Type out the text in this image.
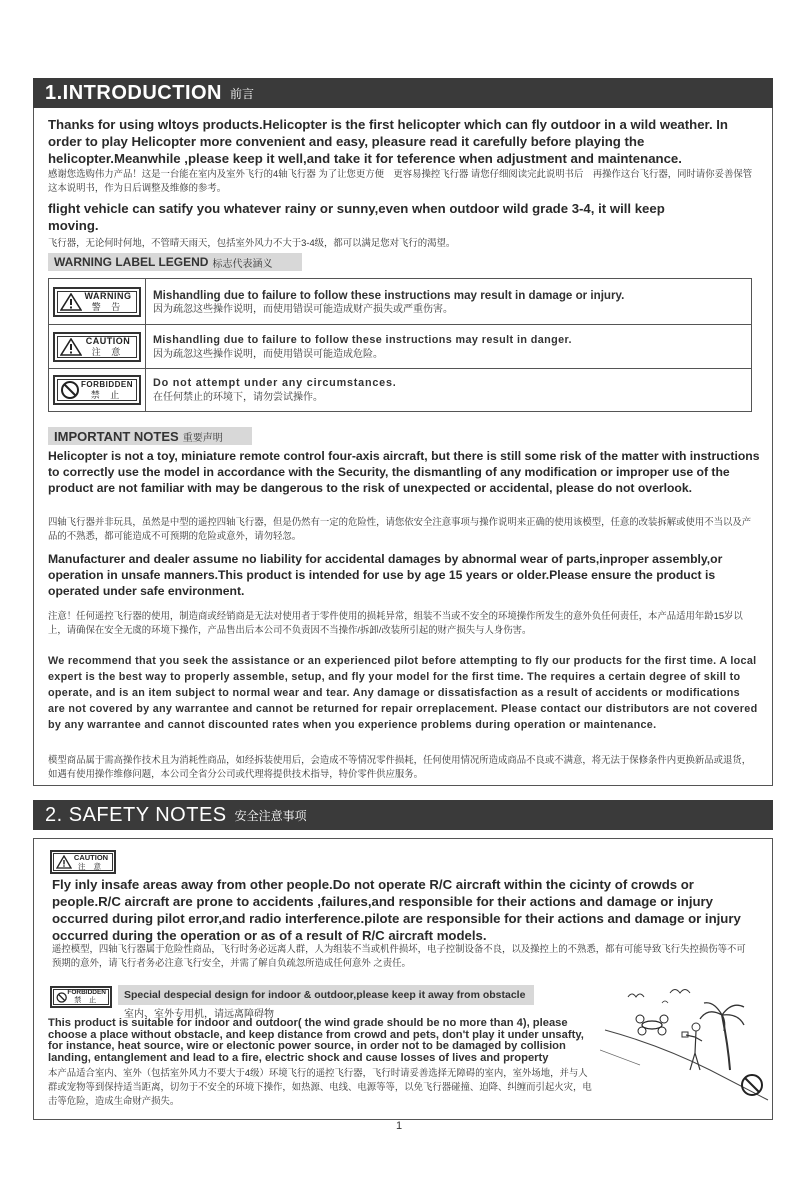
1.INTRODUCTION 前言
Thanks for using wltoys products.Helicopter is the first helicopter which can fly outdoor in a wild weather. In order to play Helicopter more convenient and easy, pleasure read it carefully before playing the helicopter.Meanwhile ,please keep it well,and take it for teference when adjustment and maintenance.
感谢您选购伟力产品！这是一台能在室内及室外飞行的4轴飞行器 为了让您更方便　更容易操控飞行器 请您仔细阅读完此说明书后　再操作这台飞行器，同时请你妥善保管这本说明书，作为日后调整及维修的参考。
flight vehicle can satify you whatever rainy or sunny,even when outdoor wild grade 3-4, it will keep moving.
飞行器，无论何时何地，不管晴天雨天，包括室外风力不大于3-4级，都可以满足您对飞行的渴望。
WARNING LABEL LEGEND 标志代表涵义
WARNING
警 告
Mishandling due to failure to follow these instructions may result in damage or injury.
因为疏忽这些操作说明，而使用错误可能造成财产损失或严重伤害。
CAUTION
注 意
Mishandling due to failure to follow these instructions may result in danger.
因为疏忽这些操作说明，而使用错误可能造成危险。
FORBIDDEN
禁 止
Do not attempt under any circumstances.
在任何禁止的环境下，请勿尝试操作。
IMPORTANT NOTES 重要声明
Helicopter is not a toy, miniature remote control four-axis aircraft, but there is still some risk of the matter with instructions to correctly use the model in accordance with the Security, the dismantling of any modification or improper use of the product are not familiar with may be dangerous to the risk of unexpected or accidental, please do not overlook.
四轴飞行器并非玩具，虽然是中型的遥控四轴飞行器，但是仍然有一定的危险性，请您依安全注意事项与操作说明来正确的使用该模型，任意的改装拆解或使用不当以及产品的不熟悉，都可能造成不可预期的危险或意外，请勿轻忽。
Manufacturer and dealer assume no liability for accidental damages by abnormal wear of parts,inproper assembly,or operation in unsafe manners.This product is intended for use by age 15 years or older.Please ensure the product is operated under safe environment.
注意！任何遥控飞行器的使用，制造商或经销商是无法对使用者于零件使用的损耗异常，组装不当或不安全的环境操作所发生的意外负任何责任，本产品适用年龄15岁以上，请确保在安全无虞的环境下操作，产品售出后本公司不负责因不当操作/拆卸/改装所引起的财产损失与人身伤害。
We recommend that you seek the assistance or an experienced pilot before attempting to fly our products for the first time. A local expert is the best way to properly assemble, setup, and fly your model for the first time. The requires a certain degree of skill to operate, and is an item subject to normal wear and tear. Any damage or dissatisfaction as a result of accidents or modifications are not covered by any warrantee and cannot be returned for repair orreplacement. Please contact our distributors are not covered by any warrantee and cannot discounted rates when you experience problems during operation or maintenance.
模型商品属于需高操作技术且为消耗性商品，如经拆装使用后，会造成不等情况零件损耗，任何使用情况所造成商品不良或不满意，将无法于保修条件内更换新品或退货，如遇有使用操作维修问题，本公司全省分公司或代理将提供技术指导，特价零件供应服务。
2. SAFETY NOTES 安全注意事项
CAUTION
注 意
Fly inly insafe areas away from other people.Do not operate R/C aircraft within the cicinty of crowds or people.R/C aircraft are prone to accidents ,failures,and responsible for their actions and damage or injury occurred during pilot error,and radio interference.pilote are responsible for their actions and damage or injury occurred during the operation or as of a result of R/C aircraft models.
遥控模型，四轴飞行器属于危险性商品，飞行时务必远离人群，人为组装不当或机件损坏，电子控制设备不良，以及操控上的不熟悉，都有可能导致飞行失控损伤等不可预期的意外，请飞行者务必注意飞行安全，并需了解自负疏忽所造成任何意外 之责任。
FORBIDDEN
禁 止 Special despecial design for indoor & outdoor,please keep it away from obstacle
室内、室外专用机，请远离障碍物
This product is suitable for indoor and outdoor( the wind grade should be no more than 4), please choose a place without obstacle, and keep distance from crowd and pets, don't play it under unsafty, for instance, heat source, wire or electonic power source, in order not to be damaged by collision landing, entanglement and lead to a fire, electric shock and cause losses of lives and property
本产品适合室内、室外（包括室外风力不要大于4级）环境飞行的遥控飞行器，飞行时请妥善选择无障碍的室内，室外场地，并与人群或宠物等到保持适当距离，切勿于不安全的环境下操作，如热源、电线、电源等等，以免飞行器碰撞、迫降、纠缠而引起火灾，电击等危险，造成生命财产损失。
1
